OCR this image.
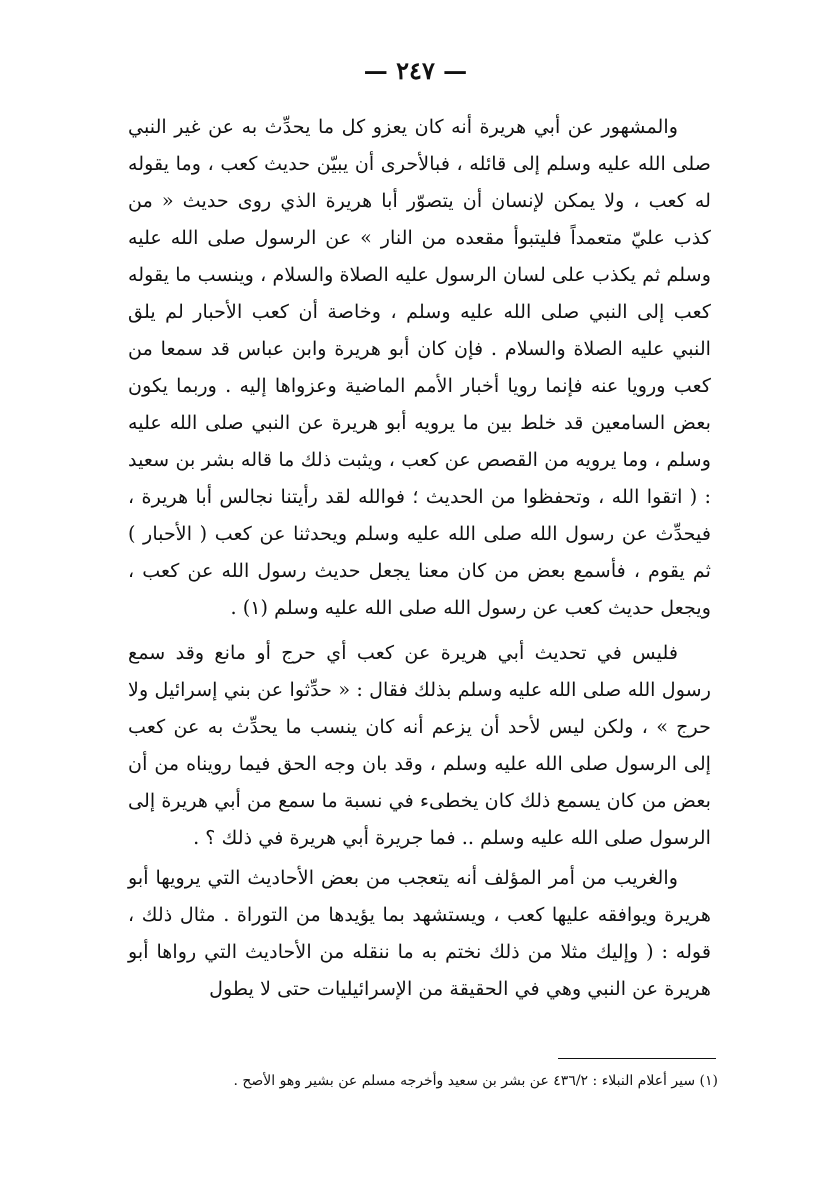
— ٢٤٧ —

والمشهور عن أبي هريرة أنه كان يعزو كل ما يحدِّث به عن غير النبي صلى الله عليه وسلم إلى قائله ، فبالأحرى أن يبيّن حديث كعب ، وما يقوله له كعب ، ولا يمكن لإنسان أن يتصوّر أبا هريرة الذي روى حديث « من كذب عليّ متعمداً فليتبوأ مقعده من النار » عن الرسول صلى الله عليه وسلم ثم يكذب على لسان الرسول عليه الصلاة والسلام ، وينسب ما يقوله كعب إلى النبي صلى الله عليه وسلم ، وخاصة أن كعب الأحبار لم يلق النبي عليه الصلاة والسلام . فإن كان أبو هريرة وابن عباس قد سمعا من كعب ورويا عنه فإنما رويا أخبار الأمم الماضية وعزواها إليه . وربما يكون بعض السامعين قد خلط بين ما يرويه أبو هريرة عن النبي صلى الله عليه وسلم ، وما يرويه من القصص عن كعب ، ويثبت ذلك ما قاله بشر بن سعيد : ( اتقوا الله ، وتحفظوا من الحديث ؛ فوالله لقد رأيتنا نجالس أبا هريرة ، فيحدِّث عن رسول الله صلى الله عليه وسلم ويحدثنا عن كعب ( الأحبار ) ثم يقوم ، فأسمع بعض من كان معنا يجعل حديث رسول الله عن كعب ، ويجعل حديث كعب عن رسول الله صلى الله عليه وسلم (١) .

فليس في تحديث أبي هريرة عن كعب أي حرج أو مانع وقد سمع رسول الله صلى الله عليه وسلم بذلك فقال : « حدِّثوا عن بني إسرائيل ولا حرج » ، ولكن ليس لأحد أن يزعم أنه كان ينسب ما يحدِّث به عن كعب إلى الرسول صلى الله عليه وسلم ، وقد بان وجه الحق فيما رويناه من أن بعض من كان يسمع ذلك كان يخطىء في نسبة ما سمع من أبي هريرة إلى الرسول صلى الله عليه وسلم .. فما جريرة أبي هريرة في ذلك ؟ .

والغريب من أمر المؤلف أنه يتعجب من بعض الأحاديث التي يرويها أبو هريرة ويوافقه عليها كعب ، ويستشهد بما يؤيدها من التوراة . مثال ذلك ، قوله : ( وإليك مثلا من ذلك نختم به ما ننقله من الأحاديث التي رواها أبو هريرة عن النبي وهي في الحقيقة من الإسرائيليات حتى لا يطول

(١) سير أعلام النبلاء : ٤٣٦/٢ عن بشر بن سعيد وأخرجه مسلم عن بشير وهو الأصح .
